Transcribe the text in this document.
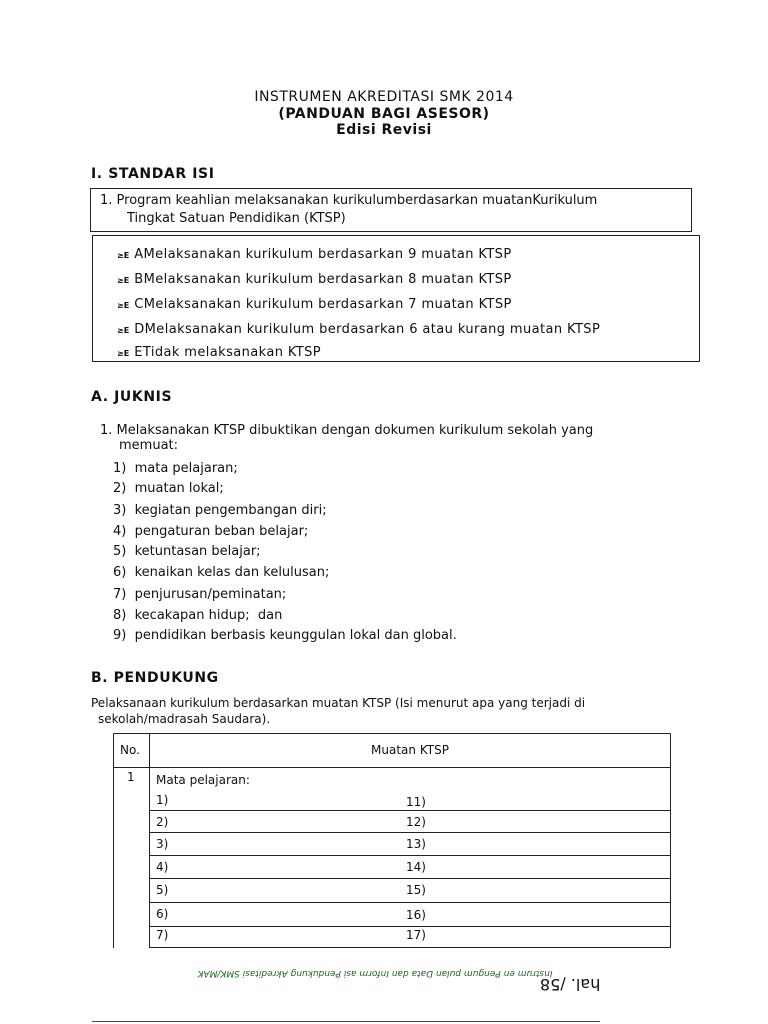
INSTRUMEN AKREDITASI SMK 2014
(PANDUAN BAGI ASESOR)
Edisi Revisi
I. STANDAR ISI
1. Program keahlian melaksanakan kurikulumberdasarkan muatanKurikulum
Tingkat Satuan Pendidikan (KTSP)
≥E AMelaksanakan kurikulum berdasarkan 9 muatan KTSP
≥E BMelaksanakan kurikulum berdasarkan 8 muatan KTSP
≥E CMelaksanakan kurikulum berdasarkan 7 muatan KTSP
≥E DMelaksanakan kurikulum berdasarkan 6 atau kurang muatan KTSP
≥E ETidak melaksanakan KTSP
A. JUKNIS
1. Melaksanakan KTSP dibuktikan dengan dokumen kurikulum sekolah yang
memuat:
1)  mata pelajaran;
2)  muatan lokal;
3)  kegiatan pengembangan diri;
4)  pengaturan beban belajar;
5)  ketuntasan belajar;
6)  kenaikan kelas dan kelulusan;
7)  penjurusan/peminatan;
8)  kecakapan hidup;  dan
9)  pendidikan berbasis keunggulan lokal dan global.
B. PENDUKUNG
Pelaksanaan kurikulum berdasarkan muatan KTSP (Isi menurut apa yang terjadi di
sekolah/madrasah Saudara).
No.	Muatan KTSP
1 Mata pelajaran:
1)	11)
2)	12)
3)	13)
4)	14)
5)	15)
6)	16)
7)	17)
Instrum en Pengum pulan Data dan Inform asi Pendukung Akreditasi SMK/MAK
hal. /58
